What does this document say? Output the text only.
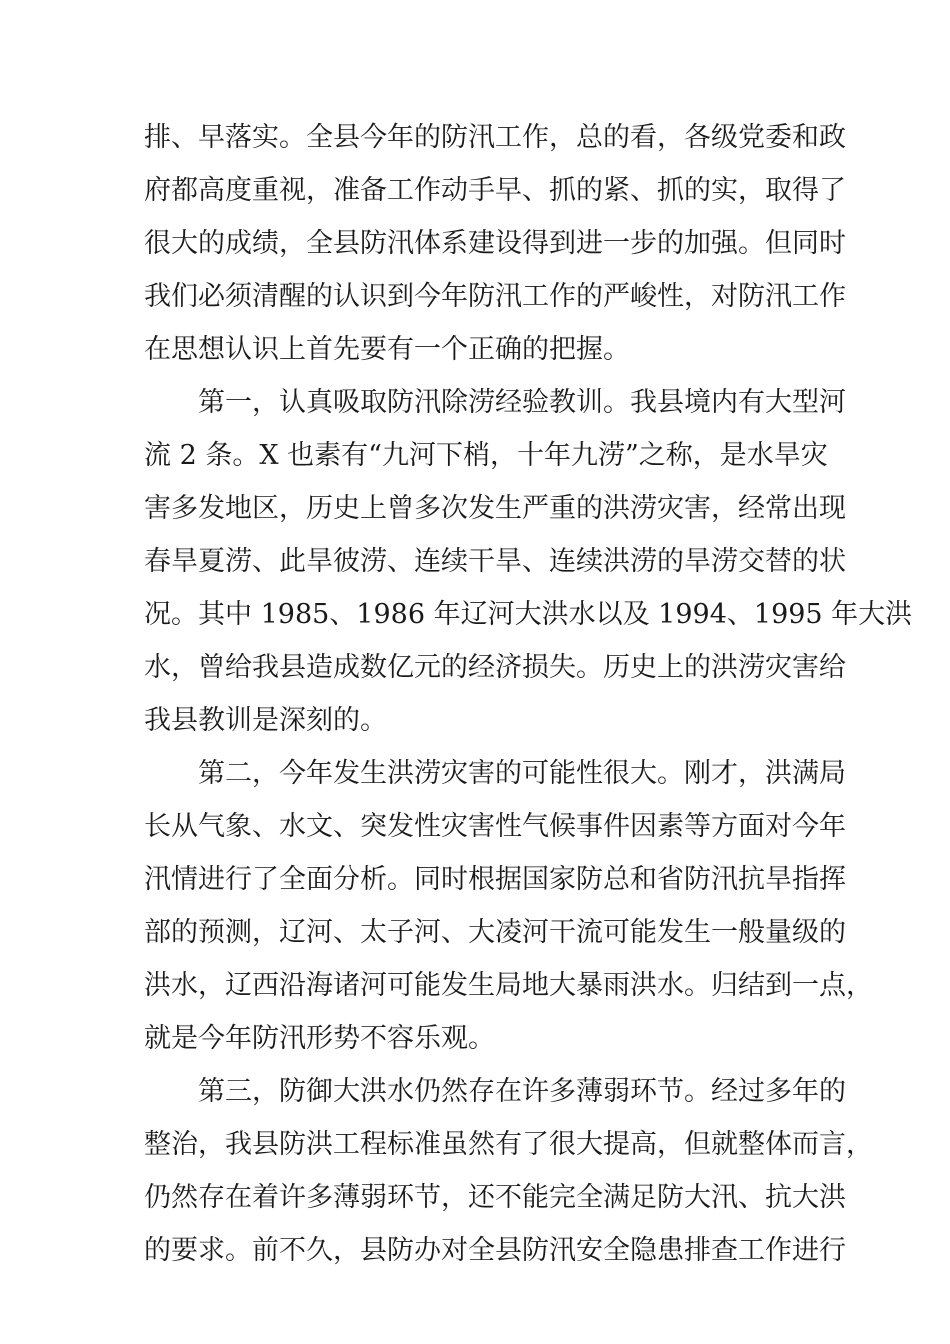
排、早落实。全县今年的防汛工作，总的看，各级党委和政
府都高度重视，准备工作动手早、抓的紧、抓的实，取得了
很大的成绩，全县防汛体系建设得到进一步的加强。但同时
我们必须清醒的认识到今年防汛工作的严峻性，对防汛工作
在思想认识上首先要有一个正确的把握。
第一，认真吸取防汛除涝经验教训。我县境内有大型河
流 2 条。X 也素有“九河下梢，十年九涝”之称，是水旱灾
害多发地区，历史上曾多次发生严重的洪涝灾害，经常出现
春旱夏涝、此旱彼涝、连续干旱、连续洪涝的旱涝交替的状
况。其中 1985、1986 年辽河大洪水以及 1994、1995 年大洪
水，曾给我县造成数亿元的经济损失。历史上的洪涝灾害给
我县教训是深刻的。
第二，今年发生洪涝灾害的可能性很大。刚才，洪满局
长从气象、水文、突发性灾害性气候事件因素等方面对今年
汛情进行了全面分析。同时根据国家防总和省防汛抗旱指挥
部的预测，辽河、太子河、大凌河干流可能发生一般量级的
洪水，辽西沿海诸河可能发生局地大暴雨洪水。归结到一点，
就是今年防汛形势不容乐观。
第三，防御大洪水仍然存在许多薄弱环节。经过多年的
整治，我县防洪工程标准虽然有了很大提高，但就整体而言，
仍然存在着许多薄弱环节，还不能完全满足防大汛、抗大洪
的要求。前不久，县防办对全县防汛安全隐患排查工作进行
